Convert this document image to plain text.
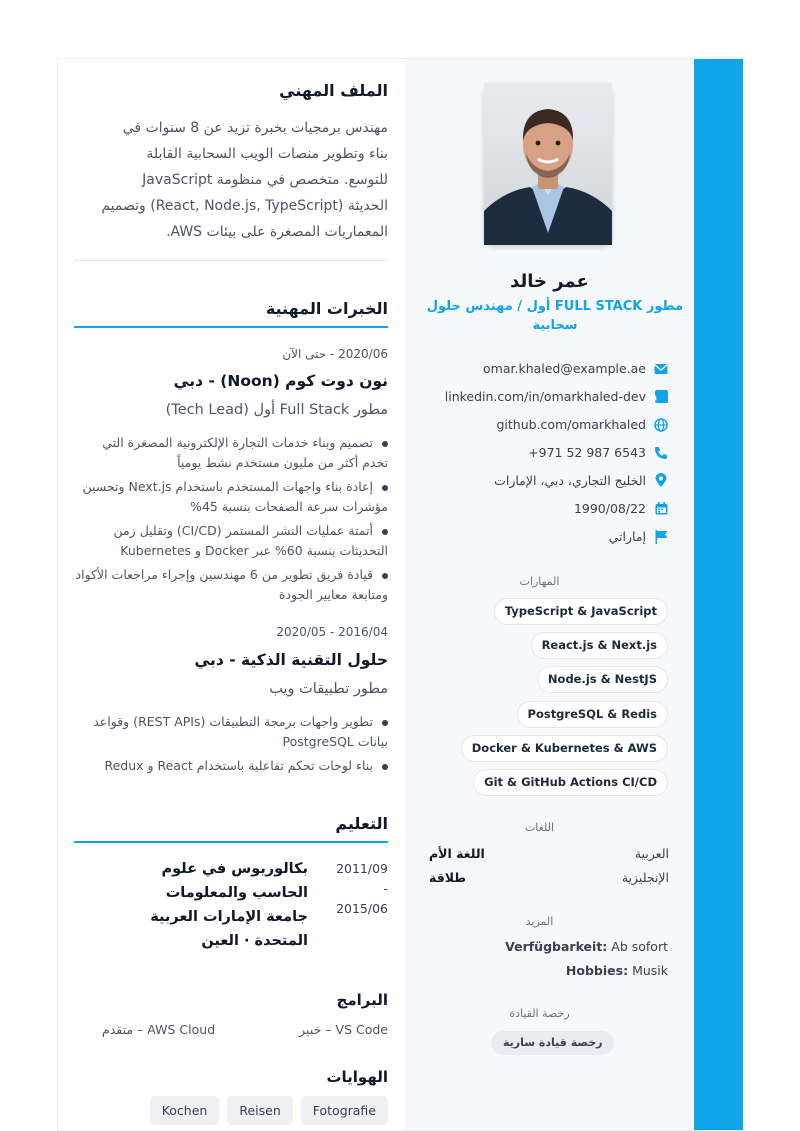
عمر خالد
مطور FULL STACK أول / مهندس حلول سحابية
omar.khaled@example.ae
in
linkedin.com/in/omarkhaled-dev
github.com/omarkhaled
+971 52 987 6543
الخليج التجاري، دبي، الإمارات
1990/08/22
إماراتي
المهارات
TypeScript & JavaScript
React.js & Next.js
Node.js & NestJS
PostgreSQL & Redis
Docker & Kubernetes & AWS
Git & GitHub Actions CI/CD
اللغات
العربية
اللغة الأم
الإنجليزية
طلاقة
المزيد
Verfügbarkeit: Ab sofort
Hobbies: Musik
رخصة القيادة
رخصة قيادة سارية
الملف المهني
مهندس برمجيات بخبرة تزيد عن 8 سنوات في
بناء وتطوير منصات الويب السحابية القابلة
للتوسع. متخصص في منظومة JavaScript
الحديثة (React, Node.js, TypeScript) وتصميم
المعماريات المصغرة على بيئات AWS.
الخبرات المهنية
2020/06 - حتى الآن
نون دوت كوم (Noon) - دبي
مطور Full Stack أول (Tech Lead)
تصميم وبناء خدمات التجارة الإلكترونية المصغرة التي تخدم أكثر من مليون مستخدم نشط يومياً
إعادة بناء واجهات المستخدم باستخدام Next.js وتحسين مؤشرات سرعة الصفحات بنسبة 45%
أتمتة عمليات النشر المستمر (CI/CD) وتقليل زمن التحديثات بنسبة 60% عبر Docker و Kubernetes
قيادة فريق تطوير من 6 مهندسين وإجراء مراجعات الأكواد ومتابعة معايير الجودة
2016/04 - 2020/05
حلول التقنية الذكية - دبي
مطور تطبيقات ويب
تطوير واجهات برمجة التطبيقات (REST APIs) وقواعد بيانات PostgreSQL
بناء لوحات تحكم تفاعلية باستخدام React و Redux
التعليم
2011/09 -
2015/06
بكالوريوس في علوم الحاسب والمعلومات
جامعة الإمارات العربية المتحدة · العين
البرامج
VS Code – خبير
AWS Cloud – متقدم
الهوايات
FotografieReisenKochen
